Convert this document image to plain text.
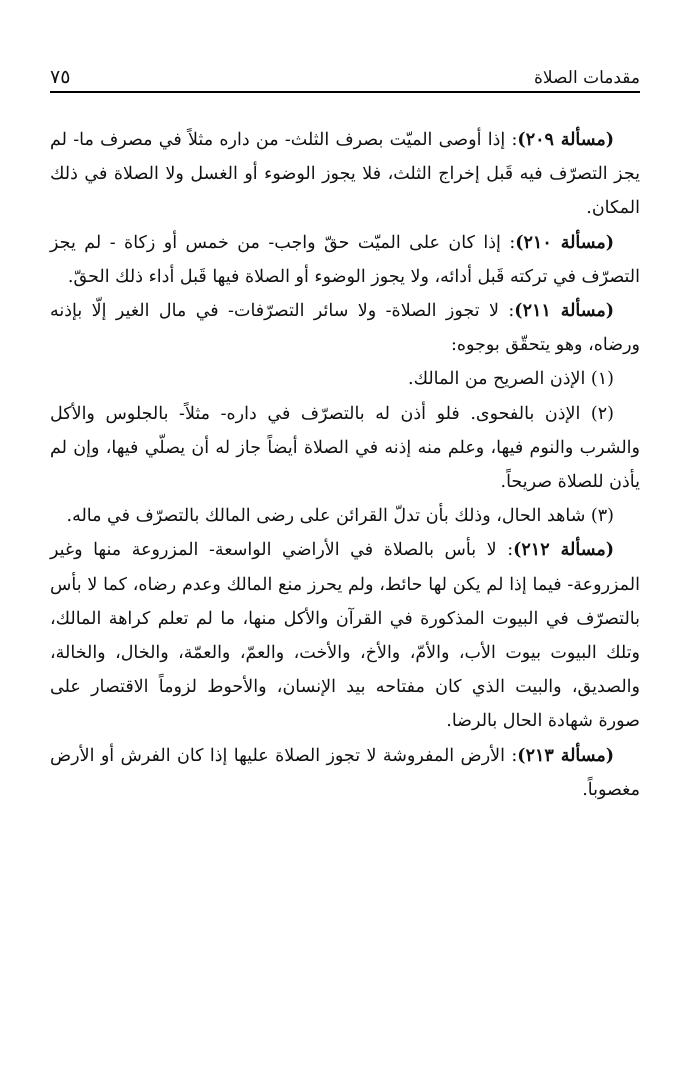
مقدمات الصلاة
٧٥

(مسألة ٢٠٩): إذا أوصى الميّت بصرف الثلث- من داره مثلاً في مصرف ما- لم يجز التصرّف فيه قَبل إخراج الثلث، فلا يجوز الوضوء أو الغسل ولا الصلاة في ذلك المكان.

(مسألة ٢١٠): إذا كان على الميّت حقّ واجب- من خمس أو زكاة - لم يجز التصرّف في تركته قَبل أدائه، ولا يجوز الوضوء أو الصلاة فيها قَبل أداء ذلك الحقّ.

(مسألة ٢١١): لا تجوز الصلاة- ولا سائر التصرّفات- في مال الغير إلّا بإذنه ورضاه، وهو يتحقّق بوجوه:

(١) الإذن الصريح من المالك.

(٢) الإذن بالفحوى. فلو أذن له بالتصرّف في داره- مثلاً- بالجلوس والأكل والشرب والنوم فيها، وعلم منه إذنه في الصلاة أيضاً جاز له أن يصلّي فيها، وإن لم يأذن للصلاة صريحاً.

(٣) شاهد الحال، وذلك بأن تدلّ القرائن على رضى المالك بالتصرّف في ماله.

(مسألة ٢١٢): لا بأس بالصلاة في الأراضي الواسعة- المزروعة منها وغير المزروعة- فيما إذا لم يكن لها حائط، ولم يحرز منع المالك وعدم رضاه، كما لا بأس بالتصرّف في البيوت المذكورة في القرآن والأكل منها، ما لم تعلم كراهة المالك، وتلك البيوت بيوت الأب، والأمّ، والأخ، والأخت، والعمّ، والعمّة، والخال، والخالة، والصديق، والبيت الذي كان مفتاحه بيد الإنسان، والأحوط لزوماً الاقتصار على صورة شهادة الحال بالرضا.

(مسألة ٢١٣): الأرض المفروشة لا تجوز الصلاة عليها إذا كان الفرش أو الأرض مغصوباً.
